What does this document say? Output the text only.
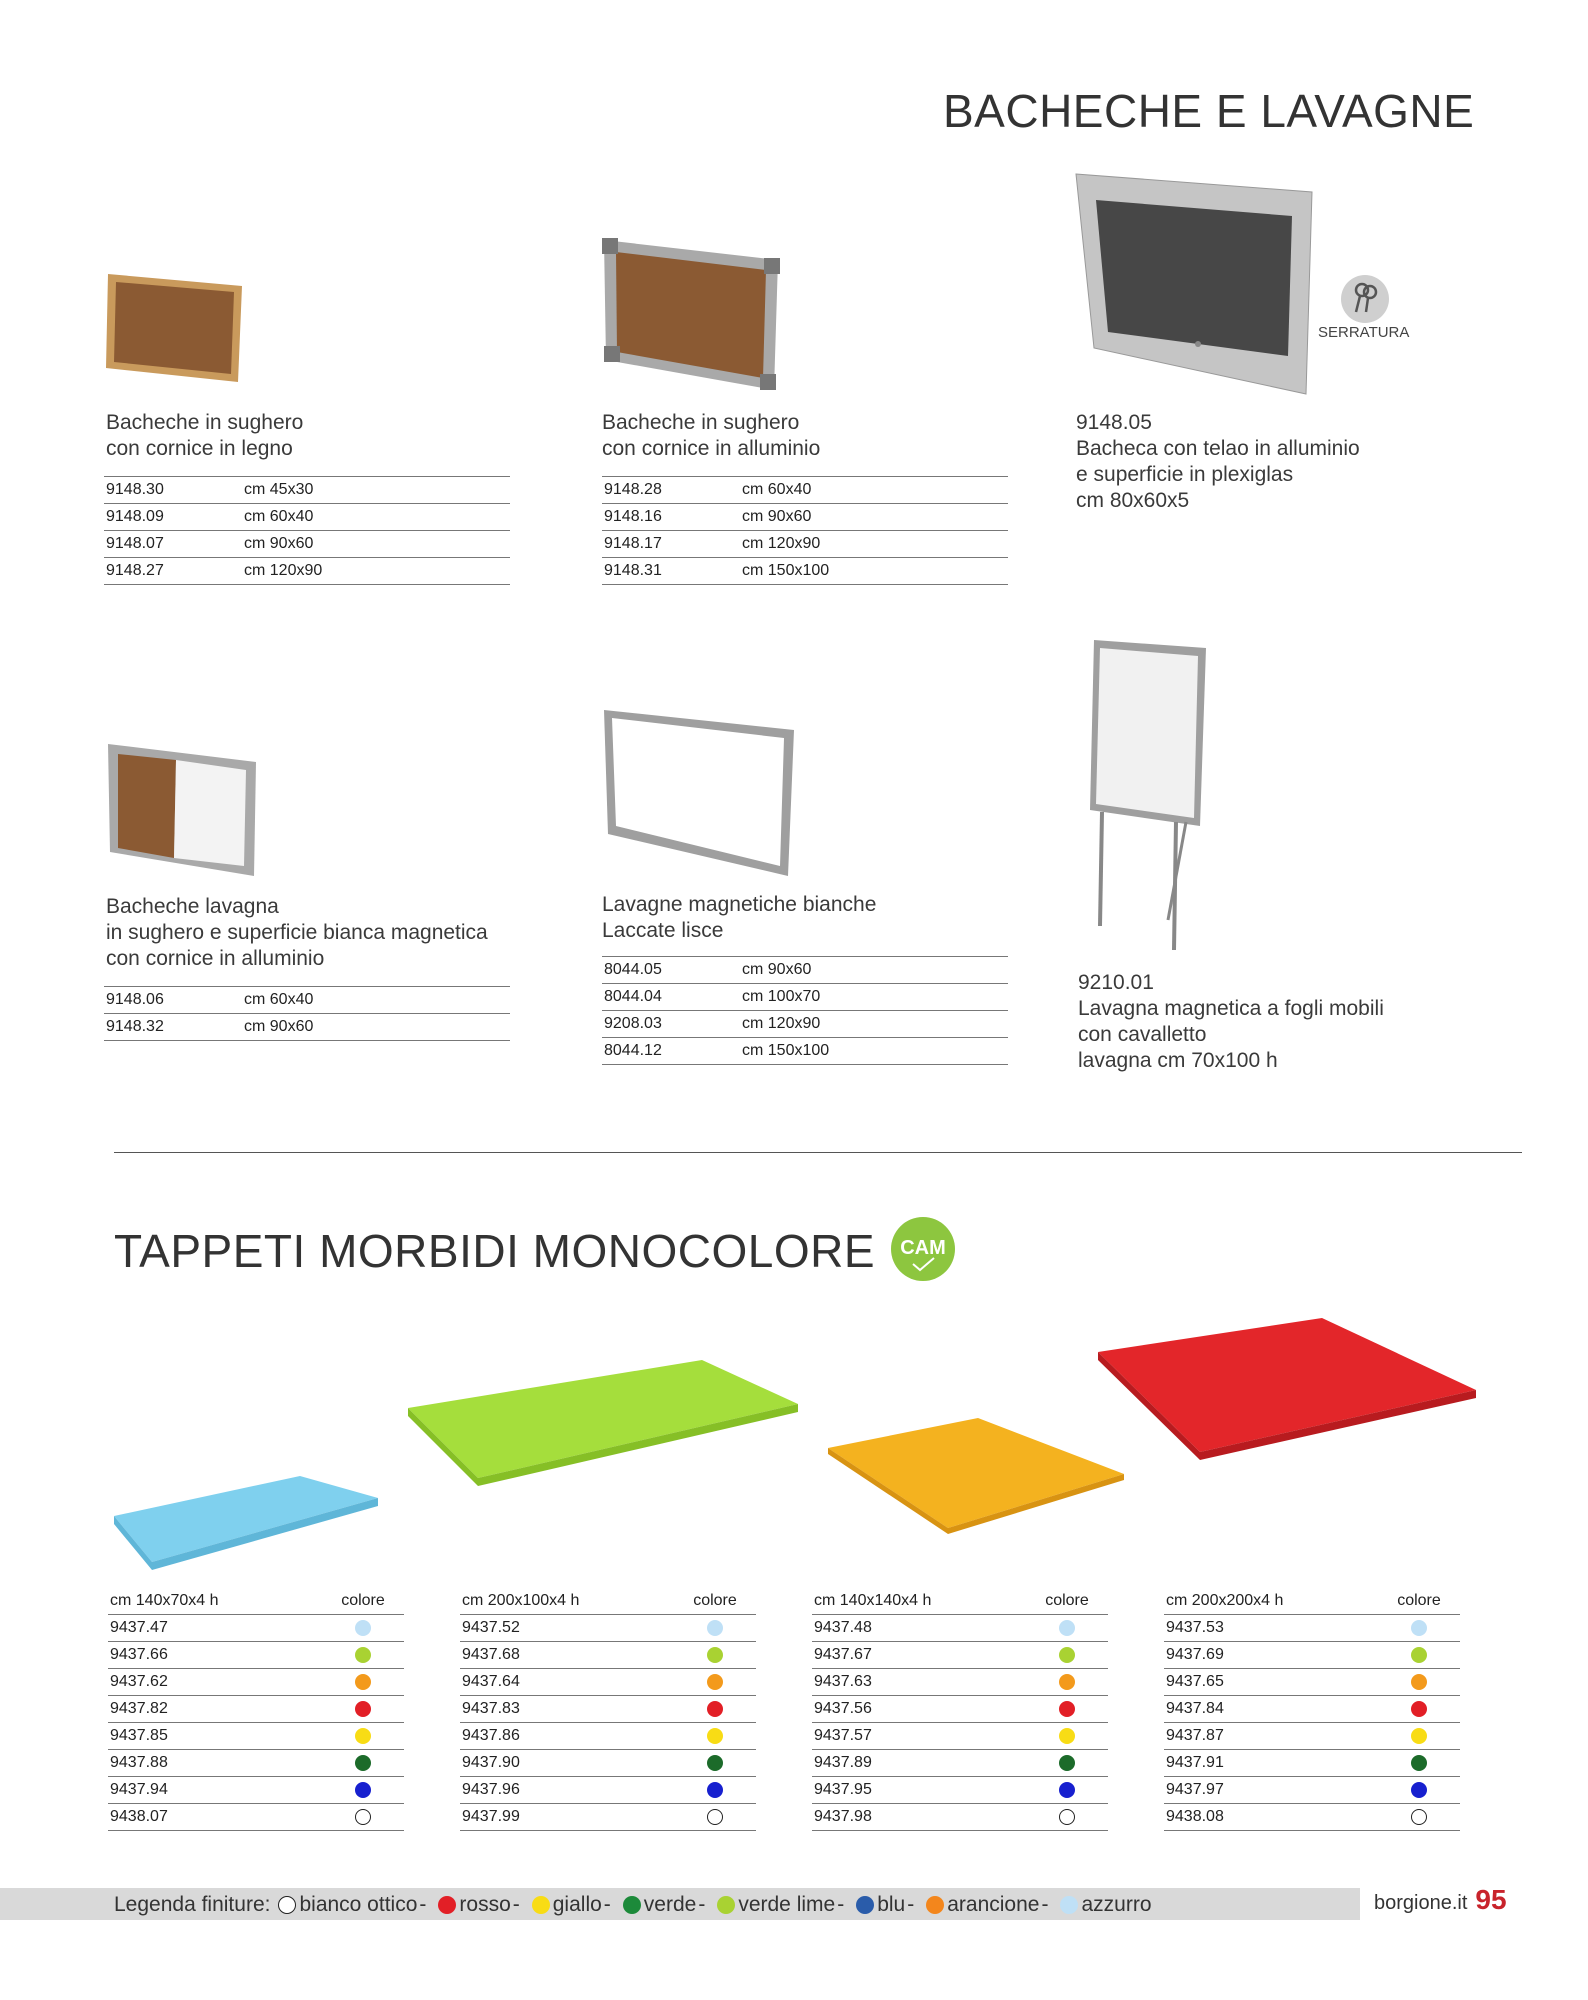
BACHECHE E LAVAGNE
Bacheche in sughero
con cornice in legno
9148.30	cm 45x30
9148.09	cm 60x40
9148.07	cm 90x60
9148.27	cm 120x90
Bacheche in sughero
con cornice in alluminio
9148.28	cm 60x40
9148.16	cm 90x60
9148.17	cm 120x90
9148.31	cm 150x100
SERRATURA
9148.05
Bacheca con telao in alluminio
e superficie in plexiglas
cm 80x60x5
Bacheche lavagna
in sughero e superficie bianca magnetica
con cornice in alluminio
9148.06	cm 60x40
9148.32	cm 90x60
Lavagne magnetiche bianche
Laccate lisce
8044.05	cm 90x60
8044.04	cm 100x70
9208.03	cm 120x90
8044.12	cm 150x100
9210.01
Lavagna magnetica a fogli mobili
con cavalletto
lavagna cm 70x100 h
TAPPETI MORBIDI MONOCOLORE CAM
cm 140x70x4 h	colore
9437.47	
9437.66	
9437.62	
9437.82	
9437.85	
9437.88	
9437.94	
9438.07	
cm 200x100x4 h	colore
9437.52	
9437.68	
9437.64	
9437.83	
9437.86	
9437.90	
9437.96	
9437.99	
cm 140x140x4 h	colore
9437.48	
9437.67	
9437.63	
9437.56	
9437.57	
9437.89	
9437.95	
9437.98	
cm 200x200x4 h	colore
9437.53	
9437.69	
9437.65	
9437.84	
9437.87	
9437.91	
9437.97	
9438.08	
Legenda finiture: bianco ottico - rosso - giallo - verde - verde lime - blu - arancione - azzurro	borgione.it 95
